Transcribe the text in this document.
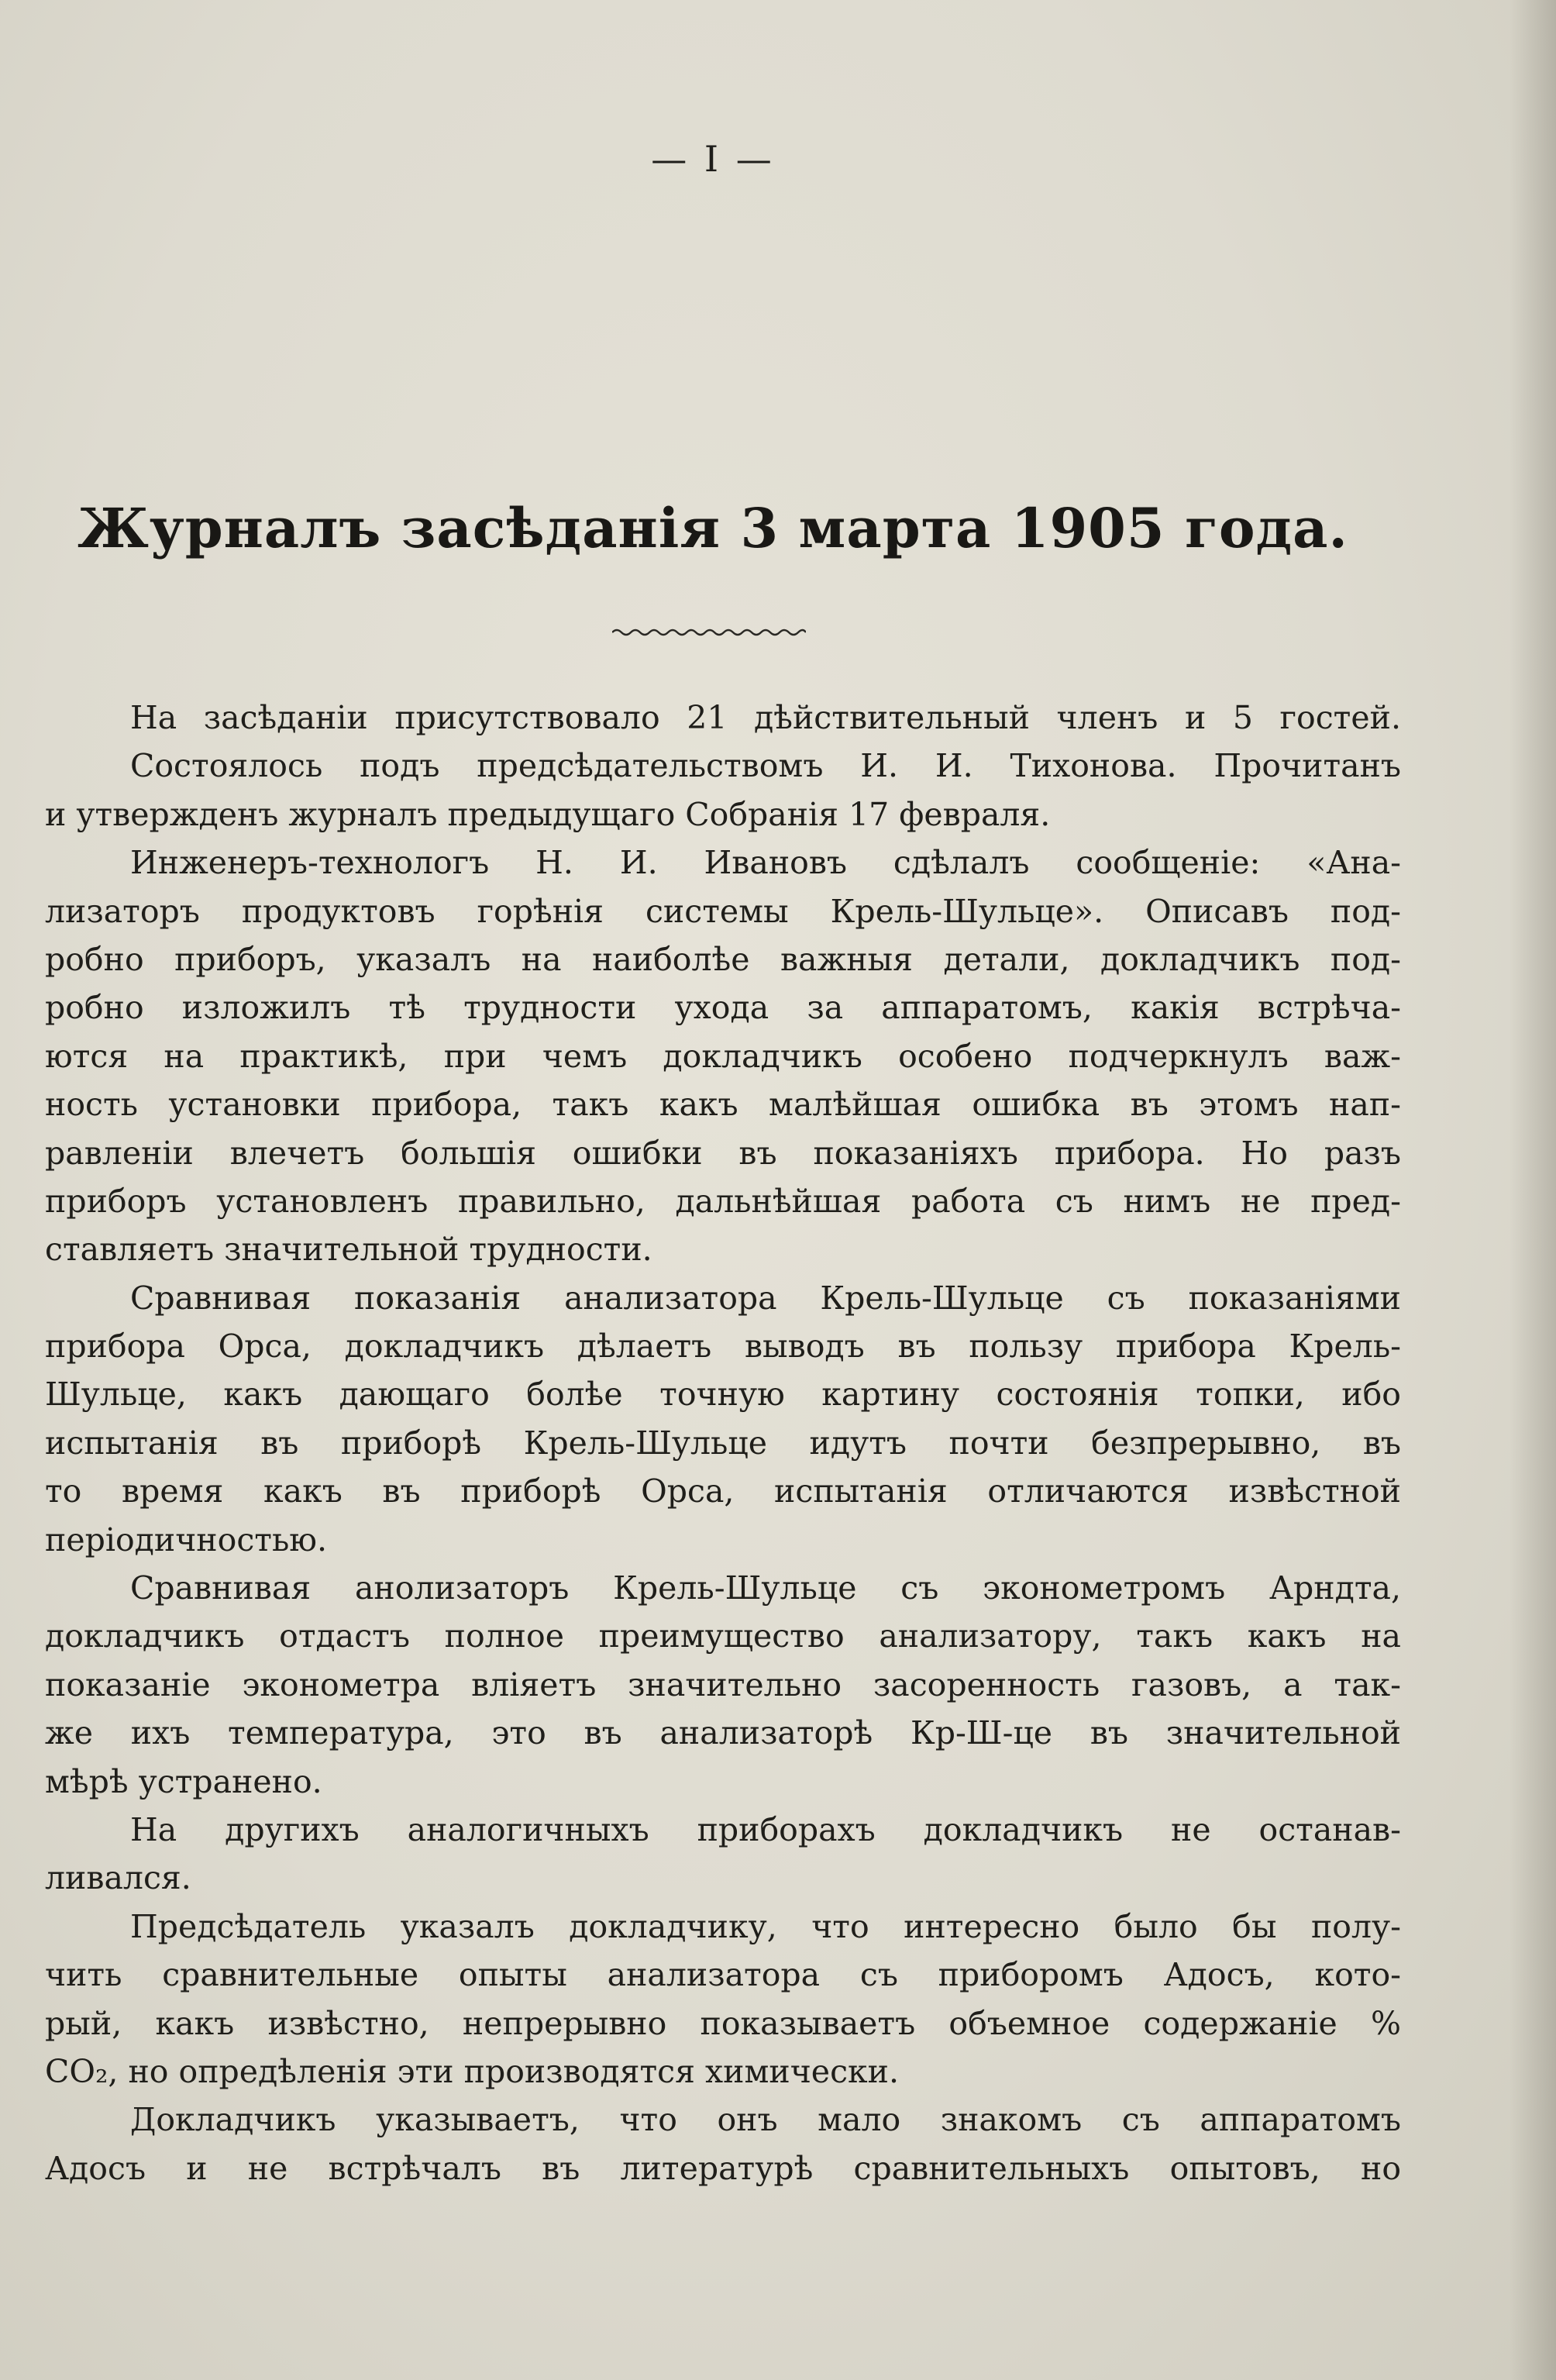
— I —
Журналъ засѣданія 3 марта 1905 года.
На засѣданіи присутствовало 21 дѣйствительный членъ и 5 гостей.
Состоялось подъ предсѣдательствомъ И. И. Тихонова. Прочитанъ
и утвержденъ журналъ предыдущаго Собранія 17 февраля.
Инженеръ-технологъ Н. И. Ивановъ сдѣлалъ сообщеніе: «Ана-
лизаторъ продуктовъ горѣнія системы Крель-Шульце». Описавъ под-
робно приборъ, указалъ на наиболѣе важныя детали, докладчикъ под-
робно изложилъ тѣ трудности ухода за аппаратомъ, какія встрѣча-
ются на практикѣ, при чемъ докладчикъ особено подчеркнулъ важ-
ность установки прибора, такъ какъ малѣйшая ошибка въ этомъ нап-
равленіи влечетъ большія ошибки въ показаніяхъ прибора. Но разъ
приборъ установленъ правильно, дальнѣйшая работа съ нимъ не пред-
ставляетъ значительной трудности.
Сравнивая показанія анализатора Крель-Шульце съ показаніями
прибора Орса, докладчикъ дѣлаетъ выводъ въ пользу прибора Крель-
Шульце, какъ дающаго болѣе точную картину состоянія топки, ибо
испытанія въ приборѣ Крель-Шульце идутъ почти безпрерывно, въ
то время какъ въ приборѣ Орса, испытанія отличаются извѣстной
періодичностью.
Сравнивая анолизаторъ Крель-Шульце съ эконометромъ Арндта,
докладчикъ отдастъ полное преимущество анализатору, такъ какъ на
показаніе эконометра вліяетъ значительно засоренность газовъ, а так-
же ихъ температура, это въ анализаторѣ Кр-Ш-це въ значительной
мѣрѣ устранено.
На другихъ аналогичныхъ приборахъ докладчикъ не останав-
ливался.
Предсѣдатель указалъ докладчику, что интересно было бы полу-
чить сравнительные опыты анализатора съ приборомъ Адосъ, кото-
рый, какъ извѣстно, непрерывно показываетъ объемное содержаніе %
CO₂, но опредѣленія эти производятся химически.
Докладчикъ указываетъ, что онъ мало знакомъ съ аппаратомъ
Адосъ и не встрѣчалъ въ литературѣ сравнительныхъ опытовъ, но
